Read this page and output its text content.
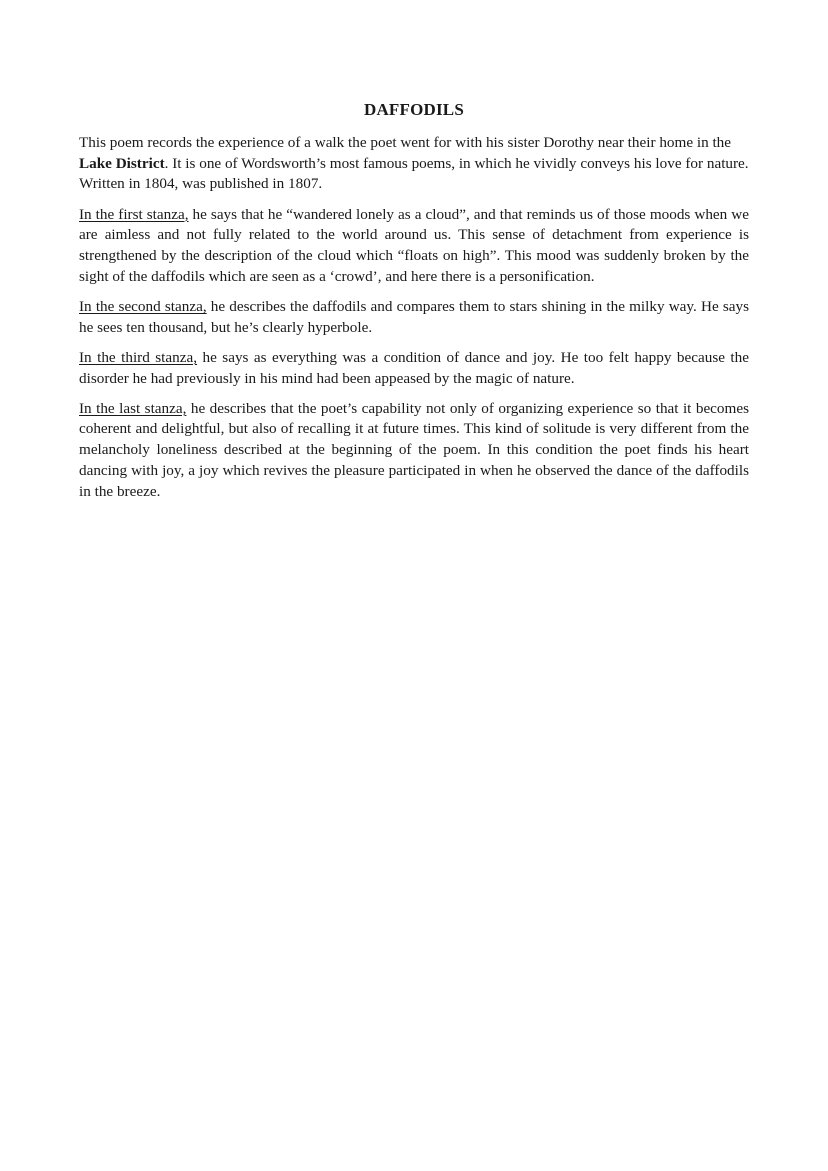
DAFFODILS

This poem records the experience of a walk the poet went for with his sister Dorothy near their home in the Lake District. It is one of Wordsworth’s most famous poems, in which he vividly conveys his love for nature. Written in 1804, was published in 1807.

In the first stanza, he says that he “wandered lonely as a cloud”, and that reminds us of those moods when we are aimless and not fully related to the world around us. This sense of detachment from experience is strengthened by the description of the cloud which “floats on high”. This mood was suddenly broken by the sight of the daffodils which are seen as a ‘crowd’, and here there is a personification.

In the second stanza, he describes the daffodils and compares them to stars shining in the milky way. He says he sees ten thousand, but he’s clearly hyperbole.

In the third stanza, he says as everything was a condition of dance and joy. He too felt happy because the disorder he had previously in his mind had been appeased by the magic of nature.

In the last stanza, he describes that the poet’s capability not only of organizing experience so that it becomes coherent and delightful, but also of recalling it at future times. This kind of solitude is very different from the melancholy loneliness described at the beginning of the poem. In this condition the poet finds his heart dancing with joy, a joy which revives the pleasure participated in when he observed the dance of the daffodils in the breeze.
